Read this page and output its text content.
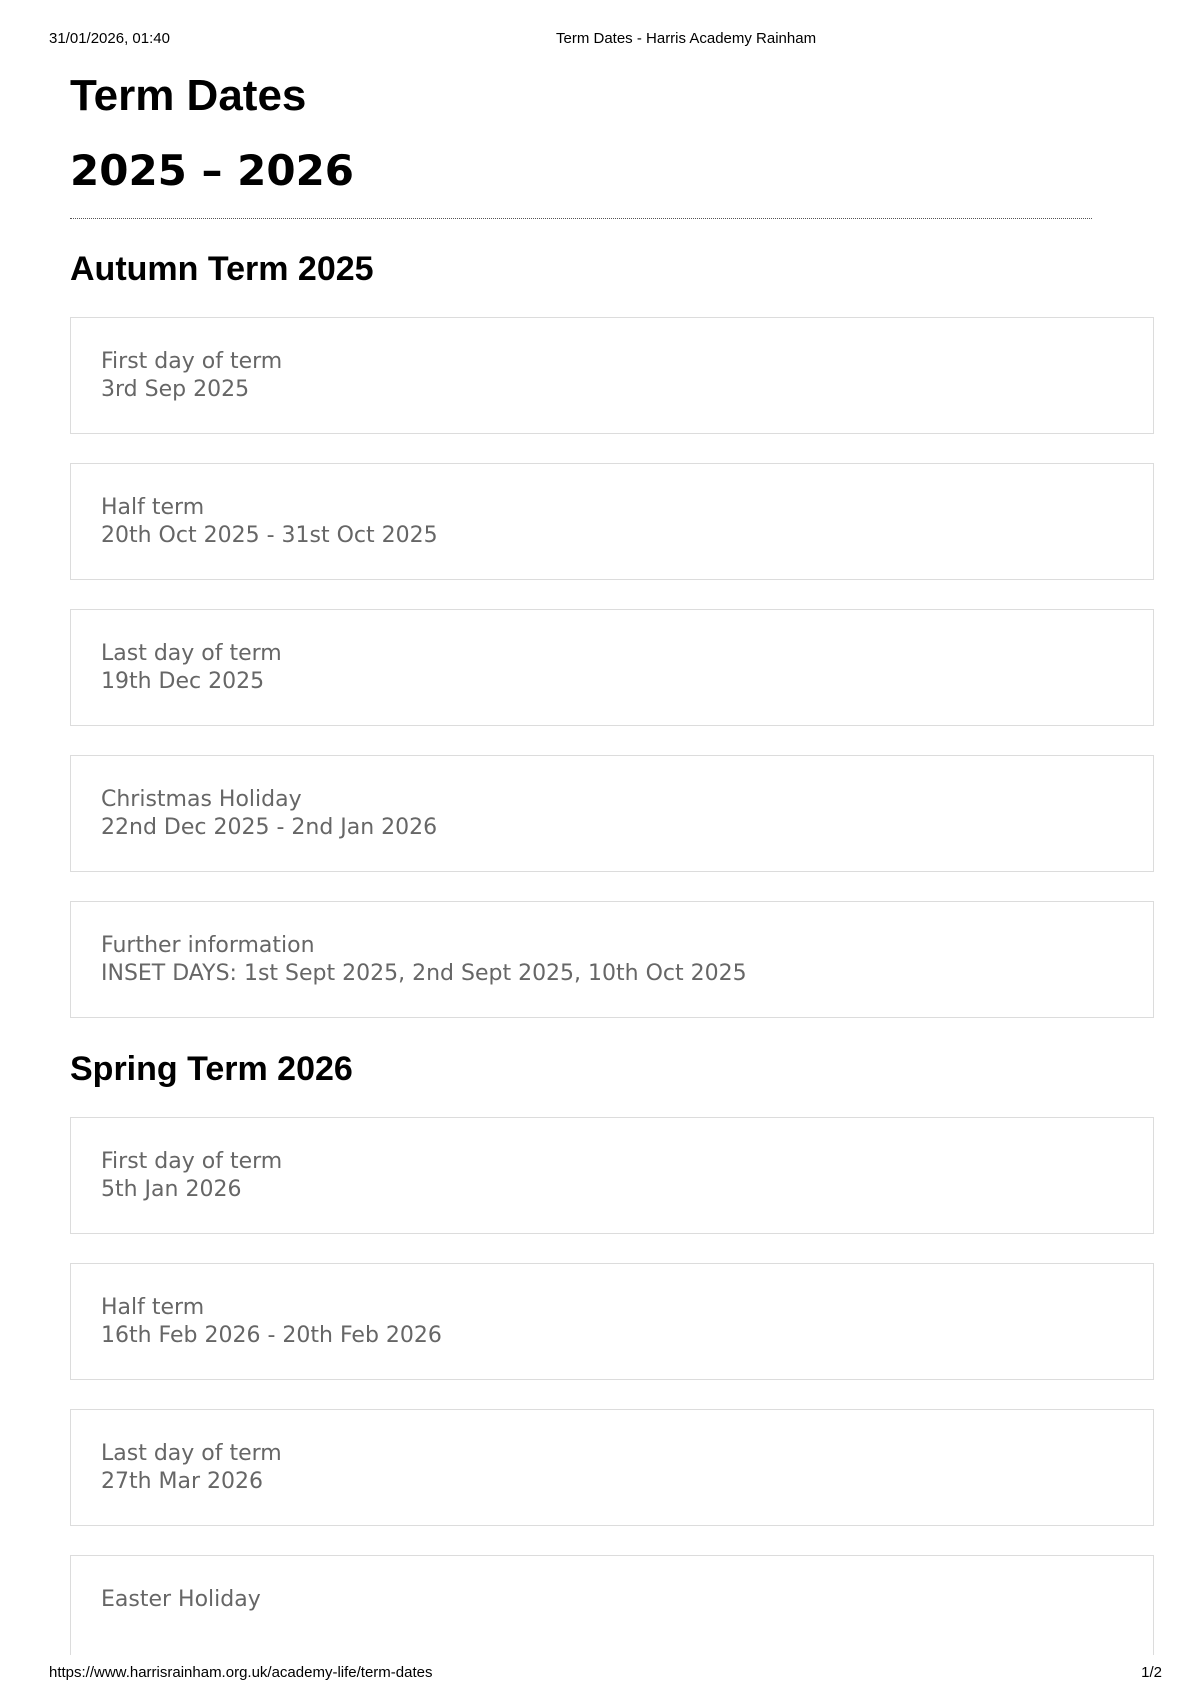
31/01/2026, 01:40	Term Dates - Harris Academy Rainham
Term Dates
2025 – 2026
Autumn Term 2025
First day of term
3rd Sep 2025
Half term
20th Oct 2025 - 31st Oct 2025
Last day of term
19th Dec 2025
Christmas Holiday
22nd Dec 2025 - 2nd Jan 2026
Further information
INSET DAYS: 1st Sept 2025, 2nd Sept 2025, 10th Oct 2025
Spring Term 2026
First day of term
5th Jan 2026
Half term
16th Feb 2026 - 20th Feb 2026
Last day of term
27th Mar 2026
Easter Holiday
https://www.harrisrainham.org.uk/academy-life/term-dates	1/2
